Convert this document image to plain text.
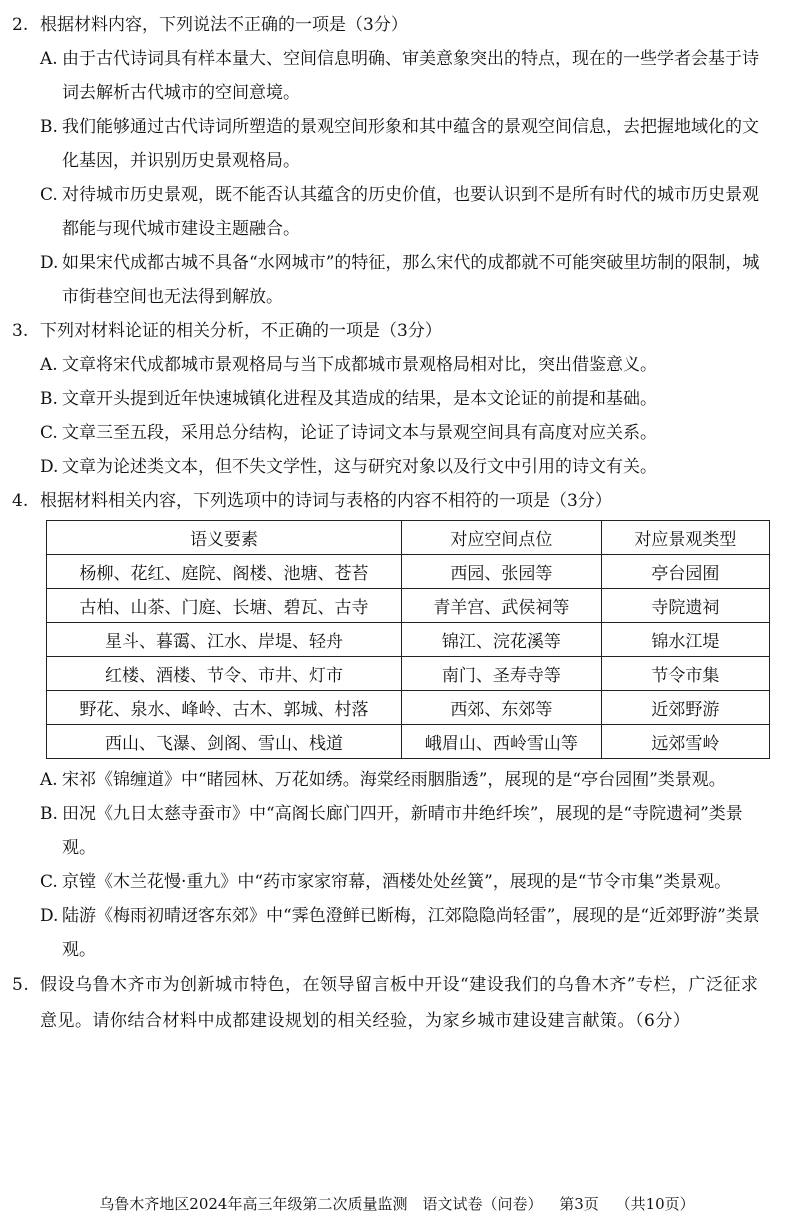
2. 根据材料内容，下列说法不正确的一项是（3分）
A. 由于古代诗词具有样本量大、空间信息明确、审美意象突出的特点，现在的一些学者会基于诗词去解析古代城市的空间意境。
B. 我们能够通过古代诗词所塑造的景观空间形象和其中蕴含的景观空间信息，去把握地域化的文化基因，并识别历史景观格局。
C. 对待城市历史景观，既不能否认其蕴含的历史价值，也要认识到不是所有时代的城市历史景观都能与现代城市建设主题融合。
D. 如果宋代成都古城不具备“水网城市”的特征，那么宋代的成都就不可能突破里坊制的限制，城市街巷空间也无法得到解放。
3. 下列对材料论证的相关分析，不正确的一项是（3分）
A. 文章将宋代成都城市景观格局与当下成都城市景观格局相对比，突出借鉴意义。
B. 文章开头提到近年快速城镇化进程及其造成的结果，是本文论证的前提和基础。
C. 文章三至五段，采用总分结构，论证了诗词文本与景观空间具有高度对应关系。
D. 文章为论述类文本，但不失文学性，这与研究对象以及行文中引用的诗文有关。
4. 根据材料相关内容，下列选项中的诗词与表格的内容不相符的一项是（3分）
语义要素	对应空间点位	对应景观类型
杨柳、花红、庭院、阁楼、池塘、苍苔	西园、张园等	亭台园囿
古柏、山茶、门庭、长塘、碧瓦、古寺	青羊宫、武侯祠等	寺院遗祠
星斗、暮霭、江水、岸堤、轻舟	锦江、浣花溪等	锦水江堤
红楼、酒楼、节令、市井、灯市	南门、圣寿寺等	节令市集
野花、泉水、峰岭、古木、郭城、村落	西郊、东郊等	近郊野游
西山、飞瀑、剑阁、雪山、栈道	峨眉山、西岭雪山等	远郊雪岭
A. 宋祁《锦缠道》中“睹园林、万花如绣。海棠经雨胭脂透”，展现的是“亭台园囿”类景观。
B. 田况《九日太慈寺蚕市》中“高阁长廊门四开，新晴市井绝纤埃”，展现的是“寺院遗祠”类景观。
C. 京镗《木兰花慢·重九》中“药市家家帘幕，酒楼处处丝簧”，展现的是“节令市集”类景观。
D. 陆游《梅雨初晴迓客东郊》中“霁色澄鲜已断梅，江郊隐隐尚轻雷”，展现的是“近郊野游”类景观。
5. 假设乌鲁木齐市为创新城市特色，在领导留言板中开设“建设我们的乌鲁木齐”专栏，广泛征求意见。请你结合材料中成都建设规划的相关经验，为家乡城市建设建言献策。（6分）
乌鲁木齐地区2024年高三年级第二次质量监测　语文试卷（问卷） 第3页 （共10页）
